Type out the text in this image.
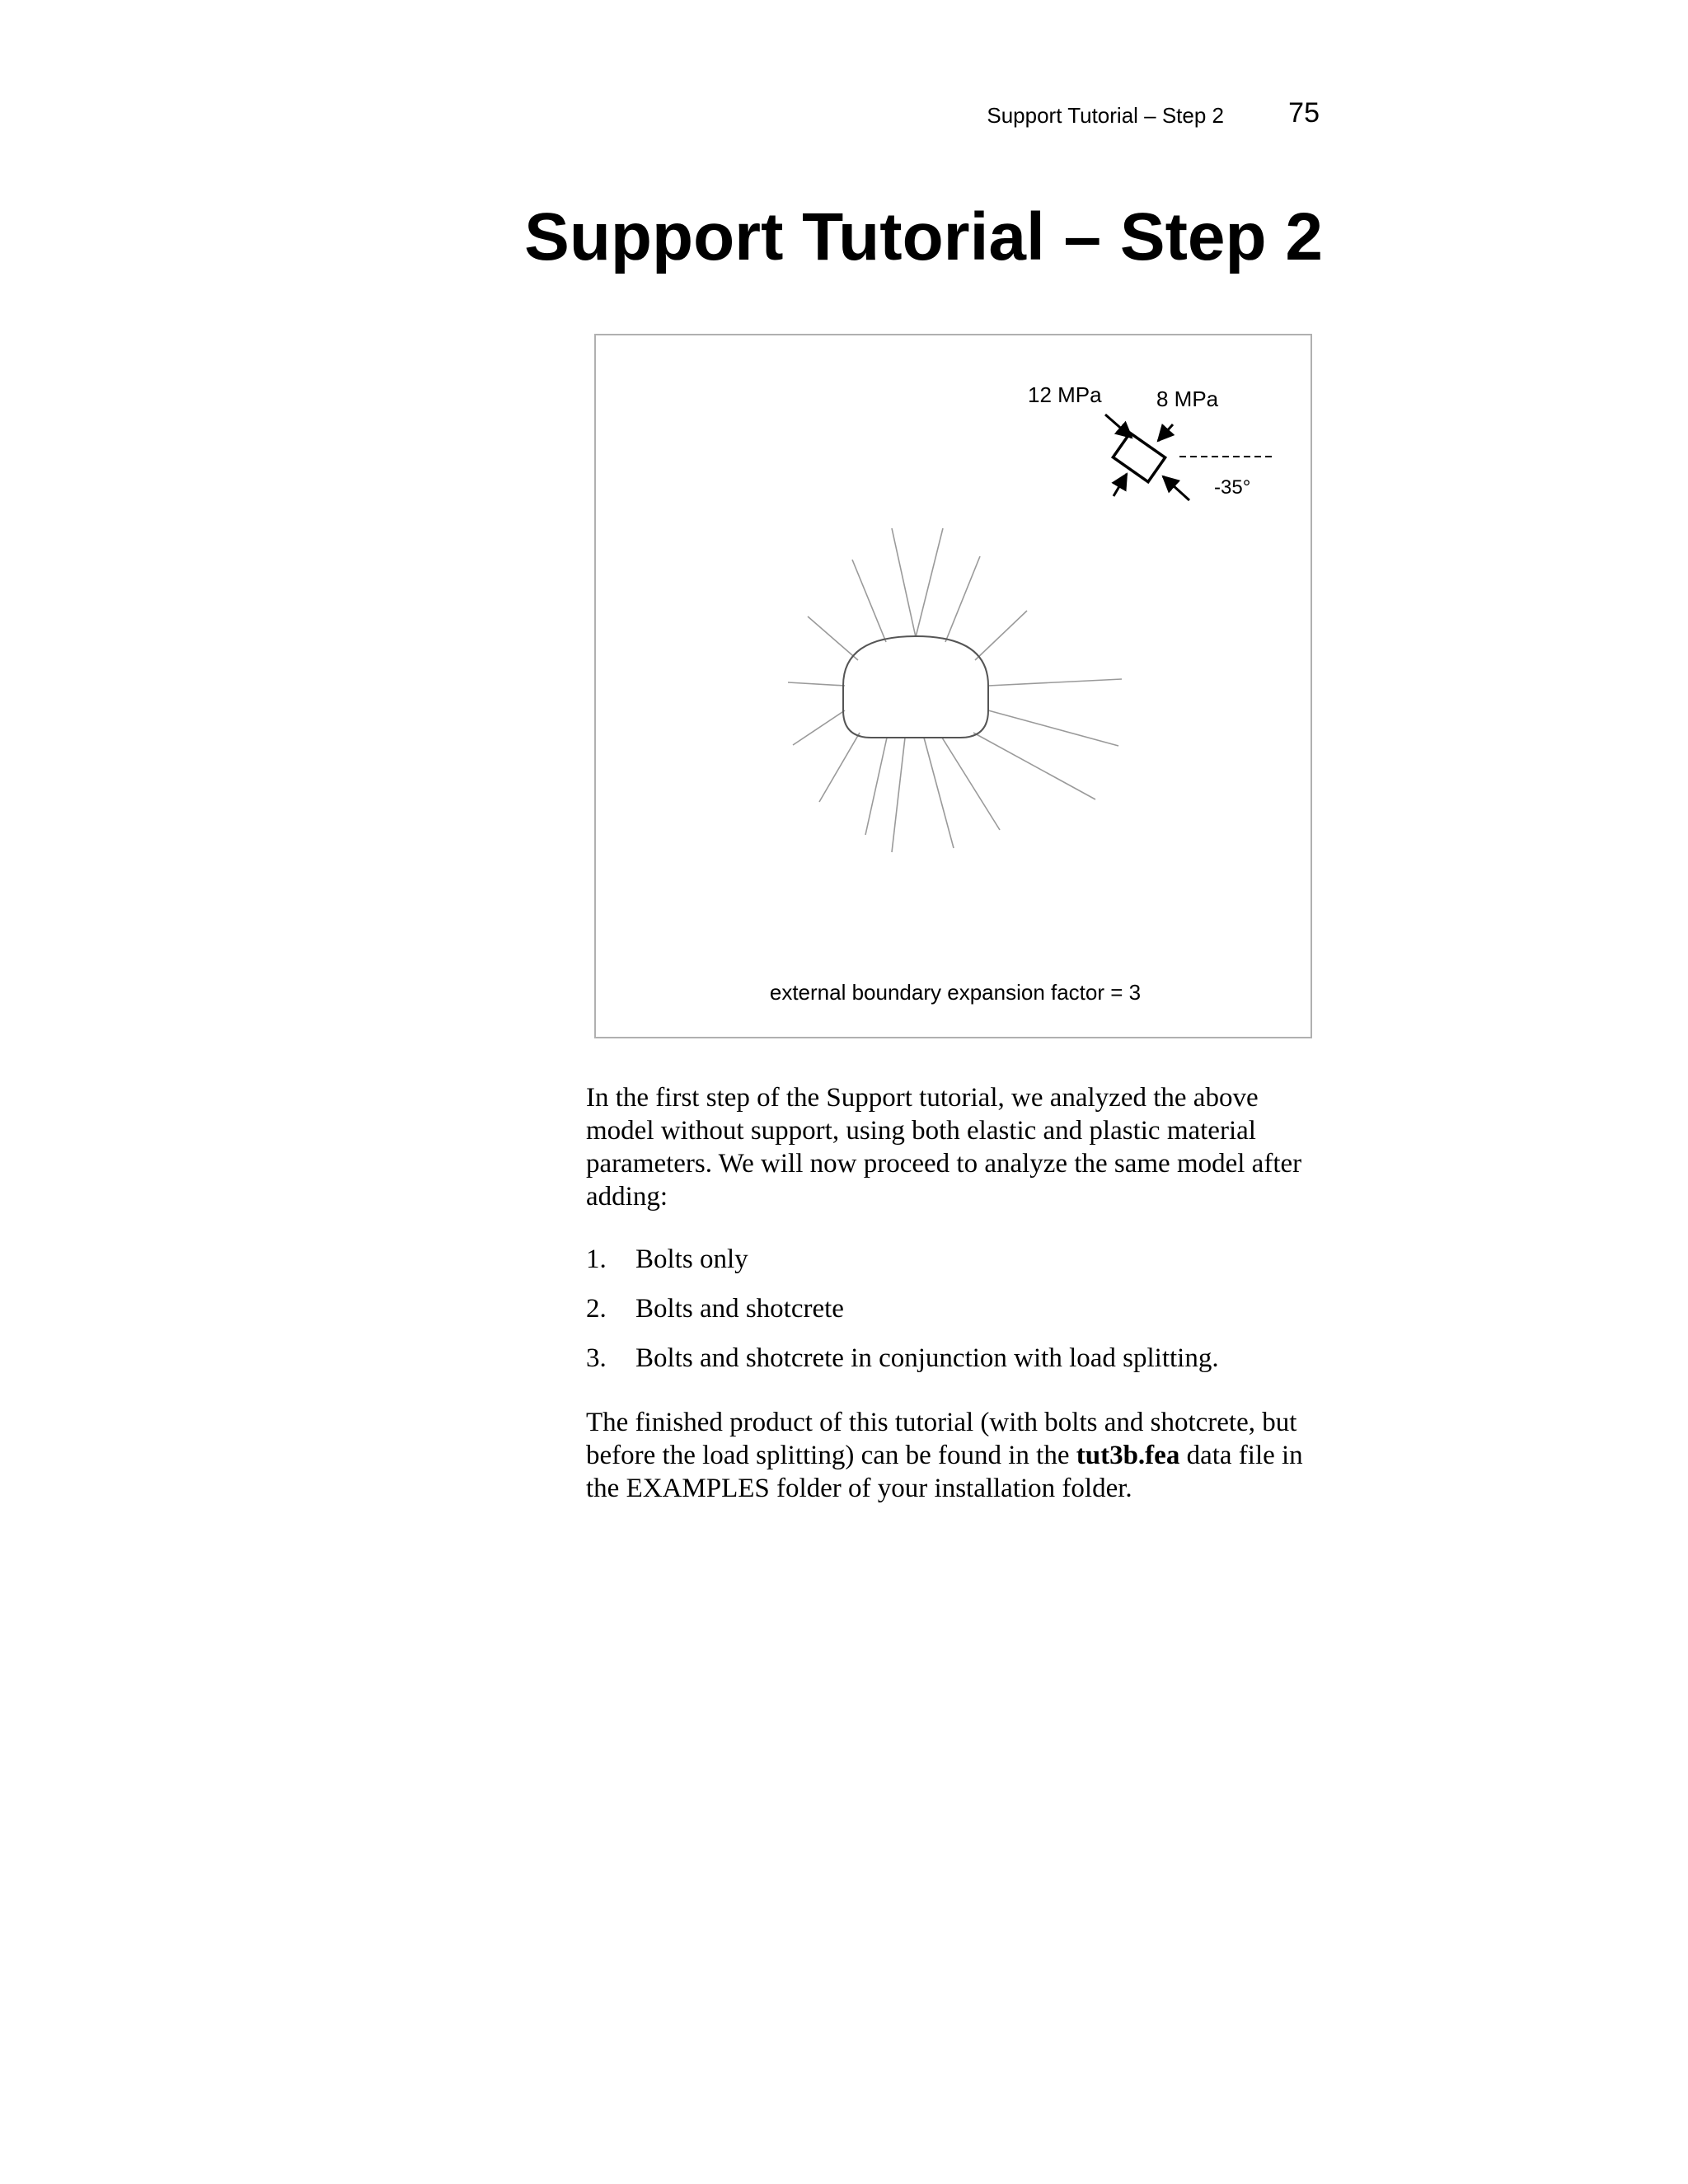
Support Tutorial – Step 2 75
Support Tutorial – Step 2
12 MPa	8 MPa
-35°
external boundary expansion factor = 3

In the first step of the Support tutorial, we analyzed the above model without support, using both elastic and plastic material parameters. We will now proceed to analyze the same model after adding:

1. Bolts only
2. Bolts and shotcrete
3. Bolts and shotcrete in conjunction with load splitting.

The finished product of this tutorial (with bolts and shotcrete, but before the load splitting) can be found in the tut3b.fea data file in the EXAMPLES folder of your installation folder.
